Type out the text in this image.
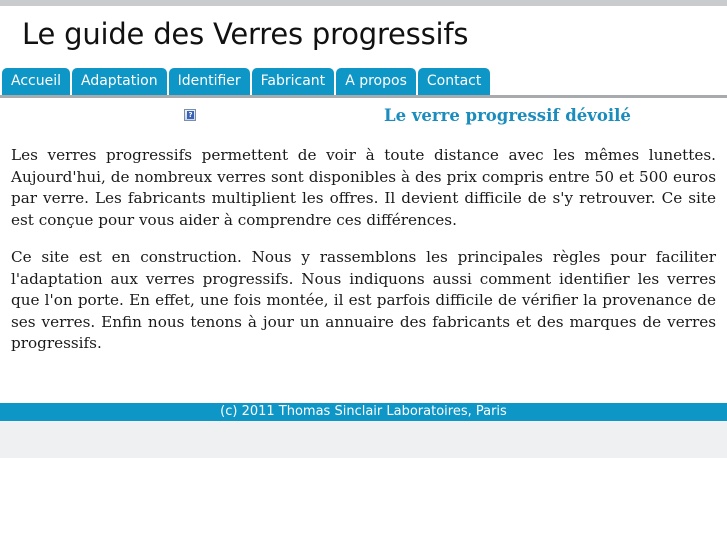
Le guide des Verres progressifs
Accueil	Adaptation	Identifier	Fabricant	A propos	Contact
?	Le verre progressif dévoilé

Les verres progressifs permettent de voir à toute distance avec les mêmes lunettes. Aujourd'hui, de nombreux verres sont disponibles à des prix compris entre 50 et 500 euros par verre. Les fabricants multiplient les offres. Il devient difficile de s'y retrouver. Ce site est conçue pour vous aider à comprendre ces différences.

Ce site est en construction. Nous y rassemblons les principales règles pour faciliter l'adaptation aux verres progressifs. Nous indiquons aussi comment identifier les verres que l'on porte. En effet, une fois montée, il est parfois difficile de vérifier la provenance de ses verres. Enfin nous tenons à jour un annuaire des fabricants et des marques de verres progressifs.

(c) 2011 Thomas Sinclair Laboratoires, Paris
